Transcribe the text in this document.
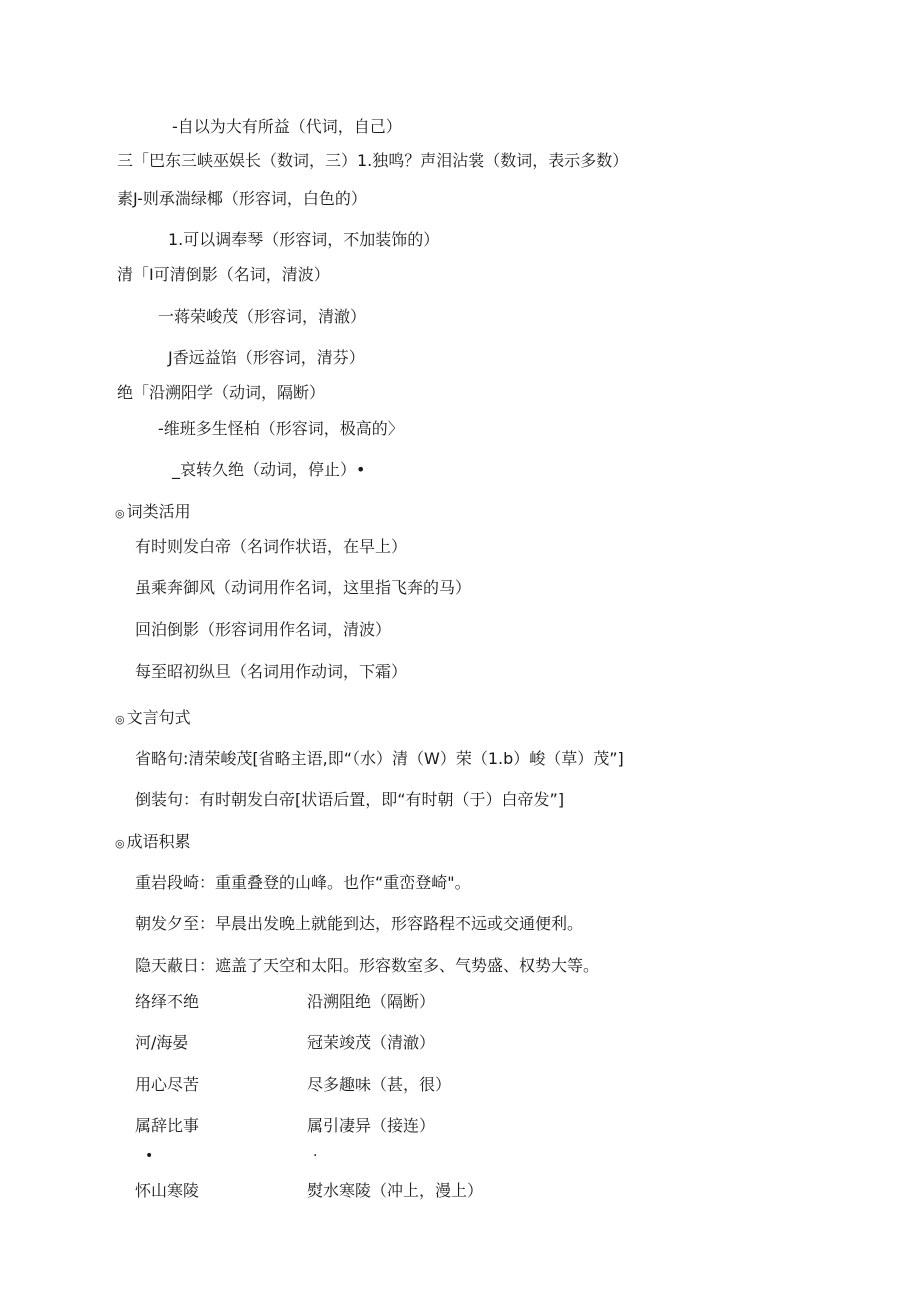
-自以为大有所益（代词，自己）
三「巴东三峡巫娱长（数词，三）1.独鸣？声泪沾裳（数词，表示多数）
素J-则承湍绿椰（形容词，白色的）
1.可以调奉琴（形容词，不加装饰的）
清「I可清倒影（名词，清波）
一蒋荣峻茂（形容词，清澈）
J香远益馅（形容词，清芬）
绝「沿溯阳学（动词，隔断）
-维班多生怪柏（形容词，极高的〉
_哀转久绝（动词，停止）•
◎ 词类活用
有时则发白帝（名词作状语，在早上）
虽乘奔御风（动词用作名词，这里指飞奔的马）
回泊倒影（形容词用作名词，清波）
每至昭初纵旦（名词用作动词，下霜）
◎ 文言句式
省略句:清荣峻茂[省略主语,即“（水）清（W）荣（1.b）峻（草）茂”]
倒装句：有时朝发白帝[状语后置，即“有时朝（于）白帝发”]
◎ 成语积累
重岩段崎：重重叠登的山峰。也作“重峦登崎"。
朝发夕至：早晨出发晚上就能到达，形容路程不远或交通便利。
隐天蔽日：遮盖了天空和太阳。形容数室多、气势盛、权势大等。
络绎不绝	沿溯阻绝（隔断）
河/海晏	冠茉竣茂（清澈）
用心尽苦	尽多趣味（甚，很）
属辞比事	属引凄异（接连）
•	·
怀山寒陵	熨水寒陵（冲上，漫上）
